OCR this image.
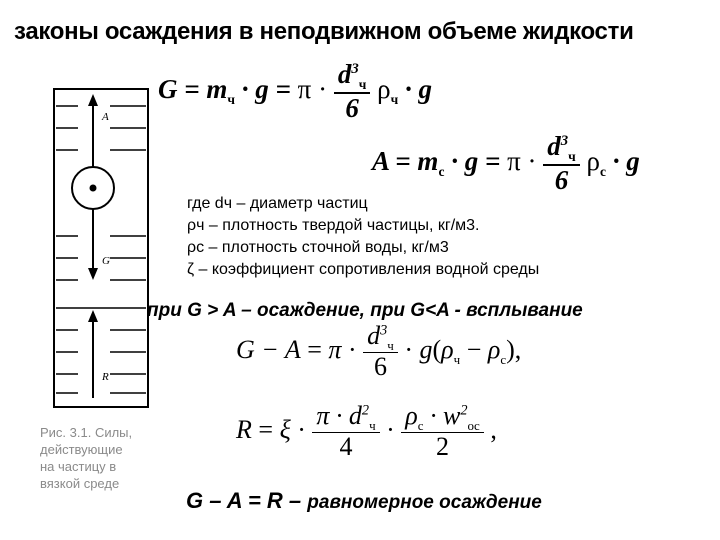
законы осаждения в неподвижном объеме жидкости
A
G
R
Рис. 3.1. Силы,
действующие
на частицу в
вязкой среде
$G = m_ч \cdot g = \pi \cdot \frac{d^3_ч}{6} \rho_ч \cdot g$
$A = m_c \cdot g = \pi \cdot \frac{d^3_ч}{6} \rho_c \cdot g$
где dч – диаметр частиц
ρч – плотность твердой частицы, кг/м3.
ρс – плотность сточной воды, кг/м3
ζ – коэффициент сопротивления водной среды
при G > A – осаждение, при G<A - всплывание
$G - A = \pi \cdot \frac{d^3_ч}{6} \cdot g(\rho_ч - \rho_c)$,
$R = \xi \cdot \frac{\pi \cdot d^2_ч}{4} \cdot \frac{\rho_c \cdot w^2_{oc}}{2}$ ,
G – A = R – равномерное осаждение
